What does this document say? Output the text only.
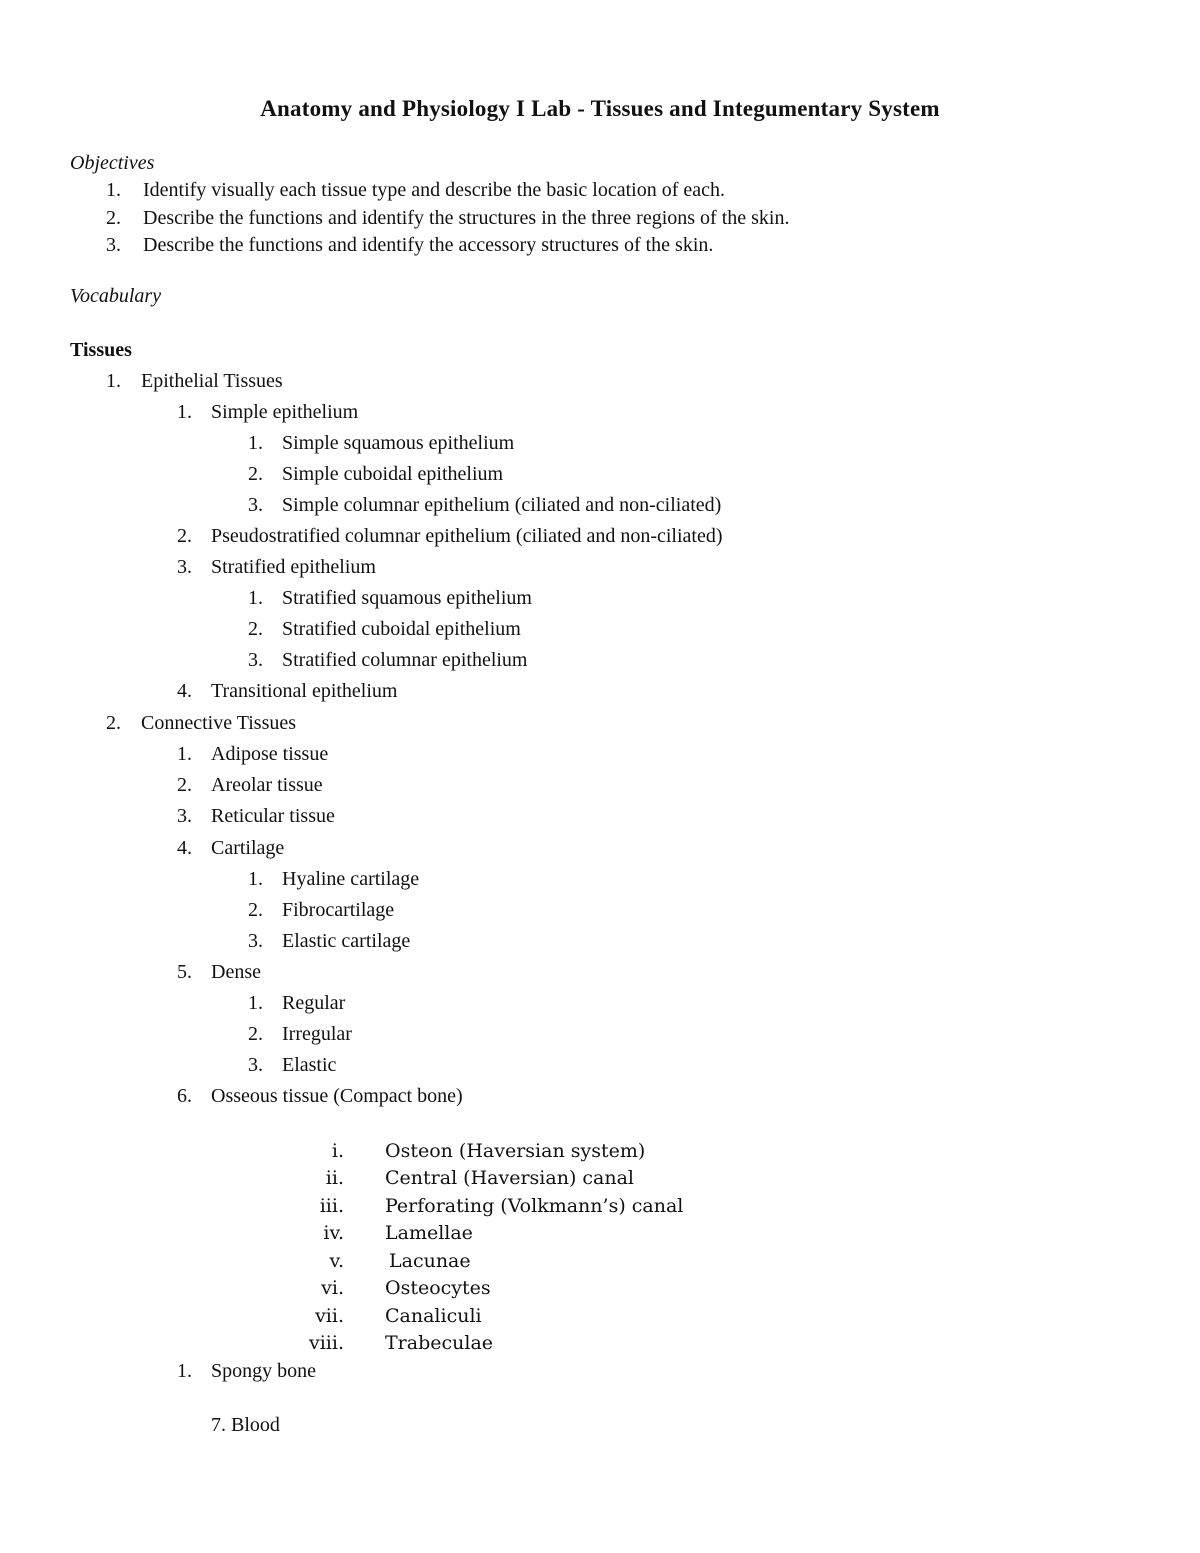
Anatomy and Physiology I Lab - Tissues and Integumentary System
Objectives
1. Identify visually each tissue type and describe the basic location of each.
2. Describe the functions and identify the structures in the three regions of the skin.
3. Describe the functions and identify the accessory structures of the skin.
Vocabulary
Tissues
1. Epithelial Tissues
1. Simple epithelium
1. Simple squamous epithelium
2. Simple cuboidal epithelium
3. Simple columnar epithelium (ciliated and non-ciliated)
2. Pseudostratified columnar epithelium (ciliated and non-ciliated)
3. Stratified epithelium
1. Stratified squamous epithelium
2. Stratified cuboidal epithelium
3. Stratified columnar epithelium
4. Transitional epithelium
2. Connective Tissues
1. Adipose tissue
2. Areolar tissue
3. Reticular tissue
4. Cartilage
1. Hyaline cartilage
2. Fibrocartilage
3. Elastic cartilage
5. Dense
1. Regular
2. Irregular
3. Elastic
6. Osseous tissue (Compact bone)
i. Osteon (Haversian system)
ii. Central (Haversian) canal
iii. Perforating (Volkmann’s) canal
iv. Lamellae
v. Lacunae
vi. Osteocytes
vii. Canaliculi
viii. Trabeculae
1. Spongy bone
7. Blood
